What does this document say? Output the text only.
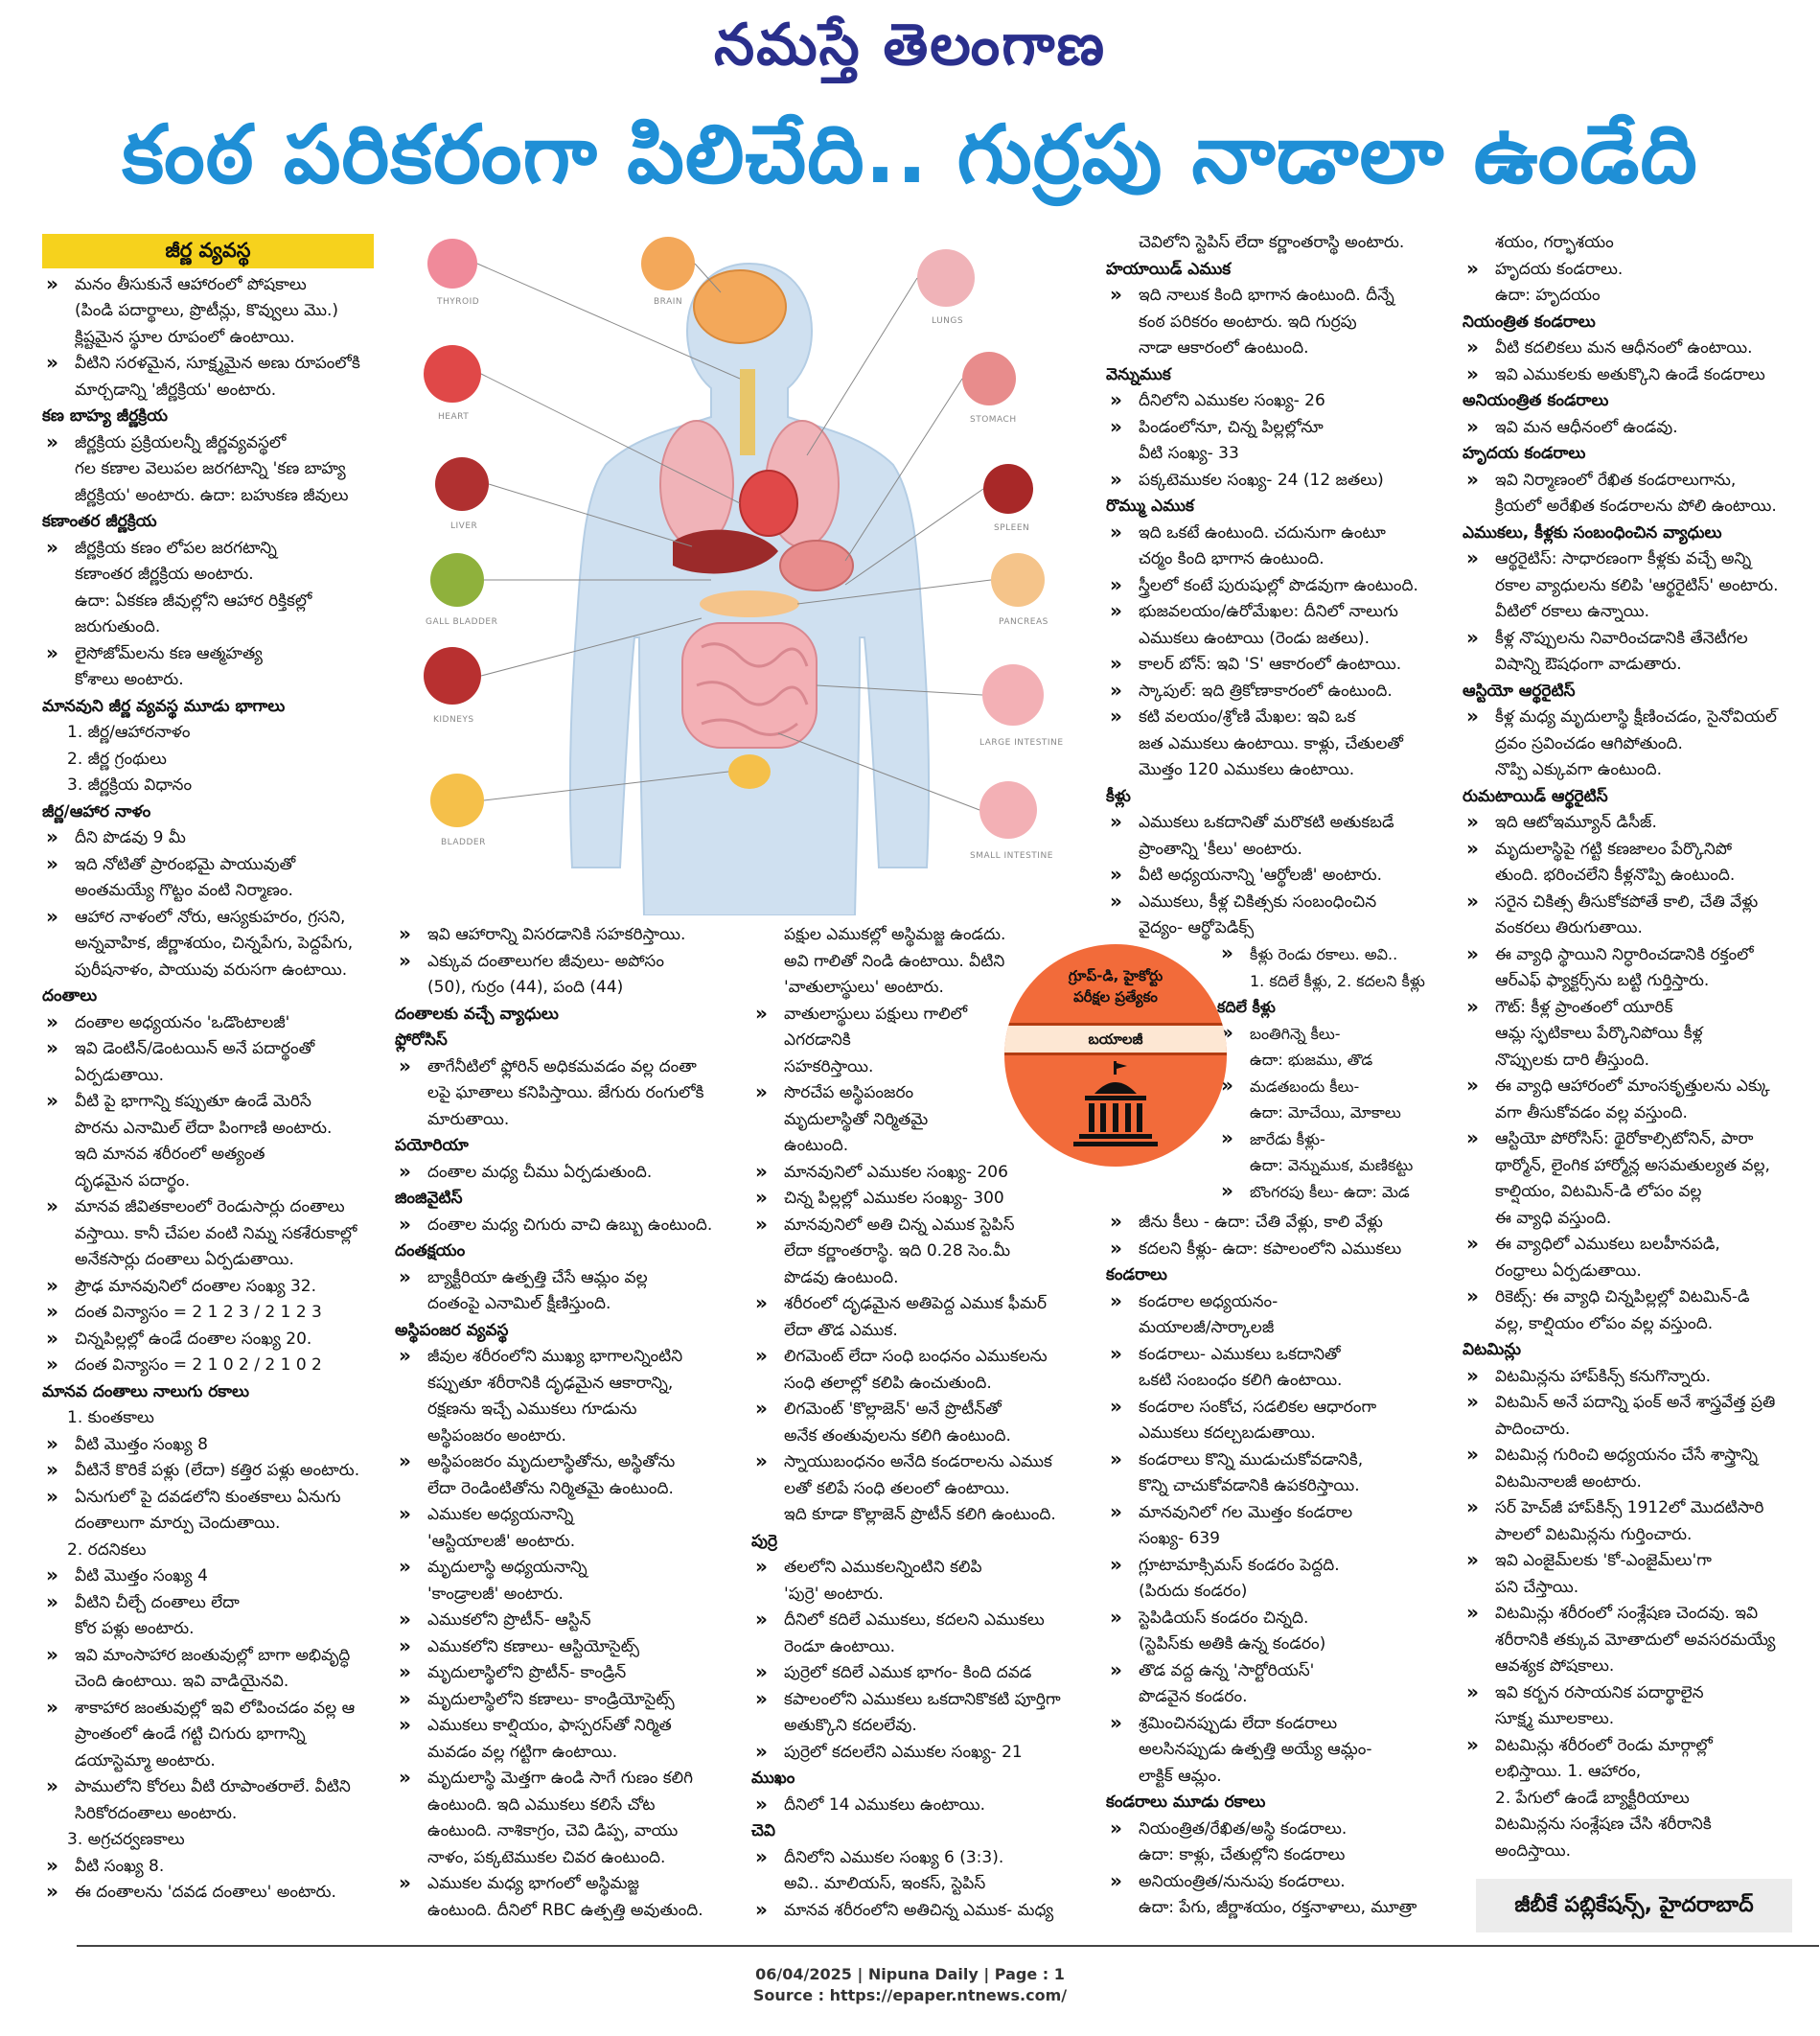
నమస్తే తెలంగాణ
కంఠ పరికరంగా పిలిచేది.. గుర్రపు నాడాలా ఉండేది
జీర్ణ వ్యవస్థ
» మనం తీసుకునే ఆహారంలో పోషకాలు
(పిండి పదార్థాలు, ప్రొటీన్లు, కొవ్వులు మొ.)
క్లిష్టమైన స్థూల రూపంలో ఉంటాయి.
» వీటిని సరళమైన, సూక్ష్మమైన అణు రూపంలోకి
మార్చడాన్ని 'జీర్ణక్రియ' అంటారు.
కణ బాహ్య జీర్ణక్రియ
» జీర్ణక్రియ ప్రక్రియలన్నీ జీర్ణవ్యవస్థలో
గల కణాల వెలుపల జరగటాన్ని 'కణ బాహ్య
జీర్ణక్రియ' అంటారు. ఉదా: బహుకణ జీవులు
కణాంతర జీర్ణక్రియ
» జీర్ణక్రియ కణం లోపల జరగటాన్ని
కణాంతర జీర్ణక్రియ అంటారు.
ఉదా: ఏకకణ జీవుల్లోని ఆహార రిక్తికల్లో
జరుగుతుంది.
» లైసోజోమ్‌లను కణ ఆత్మహత్య
కోశాలు అంటారు.
మానవుని జీర్ణ వ్యవస్థ మూడు భాగాలు
1. జీర్ణ/ఆహారనాళం
2. జీర్ణ గ్రంథులు
3. జీర్ణక్రియ విధానం
జీర్ణ/ఆహార నాళం
» దీని పొడవు 9 మీ
» ఇది నోటితో ప్రారంభమై పాయువుతో
అంతమయ్యే గొట్టం వంటి నిర్మాణం.
» ఆహార నాళంలో నోరు, ఆస్యకుహరం, గ్రసని,
అన్నవాహిక, జీర్ణాశయం, చిన్నపేగు, పెద్దపేగు,
పురీషనాళం, పాయువు వరుసగా ఉంటాయి.
దంతాలు
» దంతాల అధ్యయనం 'ఒడొంటాలజీ'
» ఇవి డెంటిన్/డెంటయిన్ అనే పదార్థంతో
ఏర్పడుతాయి.
» వీటి పై భాగాన్ని కప్పుతూ ఉండే మెరిసే
పొరను ఎనామిల్ లేదా పింగాణి అంటారు.
ఇది మానవ శరీరంలో అత్యంత
దృఢమైన పదార్థం.
» మానవ జీవితకాలంలో రెండుసార్లు దంతాలు
వస్తాయి. కానీ చేపల వంటి నిమ్న సకశేరుకాల్లో
అనేకసార్లు దంతాలు ఏర్పడుతాయి.
» ప్రౌఢ మానవునిలో దంతాల సంఖ్య 32.
» దంత విన్యాసం = 2 1 2 3 / 2 1 2 3
» చిన్నపిల్లల్లో ఉండే దంతాల సంఖ్య 20.
» దంత విన్యాసం = 2 1 0 2 / 2 1 0 2
మానవ దంతాలు నాలుగు రకాలు
1. కుంతకాలు
» వీటి మొత్తం సంఖ్య 8
» వీటినే కొరికే పళ్లు (లేదా) కత్తిర పళ్లు అంటారు.
» ఏనుగులో పై దవడలోని కుంతకాలు ఏనుగు
దంతాలుగా మార్పు చెందుతాయి.
2. రదనికలు
» వీటి మొత్తం సంఖ్య 4
» వీటిని చీల్చే దంతాలు లేదా
కోర పళ్లు అంటారు.
» ఇవి మాంసాహార జంతువుల్లో బాగా అభివృద్ధి
చెంది ఉంటాయి. ఇవి వాడియైనవి.
» శాకాహార జంతువుల్లో ఇవి లోపించడం వల్ల ఆ
ప్రాంతంలో ఉండే గట్టి చిగురు భాగాన్ని
డయాస్టెమ్మా అంటారు.
» పాములోని కోరలు వీటి రూపాంతరాలే. వీటిని
సిరికోరదంతాలు అంటారు.
3. అగ్రచర్వణకాలు
» వీటి సంఖ్య 8.
» ఈ దంతాలను 'దవడ దంతాలు' అంటారు.
THYROID	BRAIN
LUNGS
HEART	STOMACH
LIVER	SPLEEN
GALL BLADDER	PANCREAS
KIDNEYS
LARGE INTESTINE
BLADDER
SMALL INTESTINE
» ఇవి ఆహారాన్ని విసరడానికి సహకరిస్తాయి.
» ఎక్కువ దంతాలుగల జీవులు- అపోసం
(50), గుర్రం (44), పంది (44)
దంతాలకు వచ్చే వ్యాధులు
ఫ్లోరోసిస్
» తాగేనీటిలో ఫ్లోరిన్ అధికమవడం వల్ల దంతా
లపై ఘాతాలు కనిపిస్తాయి. జేగురు రంగులోకి
మారుతాయి.
పయోరియా
» దంతాల మధ్య చీము ఏర్పడుతుంది.
జింజివైటిస్
» దంతాల మధ్య చిగురు వాచి ఉబ్బు ఉంటుంది.
దంతక్షయం
» బ్యాక్టీరియా ఉత్పత్తి చేసే ఆమ్లం వల్ల
దంతంపై ఎనామిల్ క్షీణిస్తుంది.
అస్థిపంజర వ్యవస్థ
» జీవుల శరీరంలోని ముఖ్య భాగాలన్నింటిని
కప్పుతూ శరీరానికి దృఢమైన ఆకారాన్ని,
రక్షణను ఇచ్చే ఎముకలు గూడును
అస్థిపంజరం అంటారు.
» అస్థిపంజరం మృదులాస్థితోను, అస్థితోను
లేదా రెండింటితోను నిర్మితమై ఉంటుంది.
» ఎముకల అధ్యయనాన్ని
'ఆస్టియాలజీ' అంటారు.
» మృదులాస్థి అధ్యయనాన్ని
'కాండ్రాలజీ' అంటారు.
» ఎముకలోని ప్రొటీన్- ఆస్టిన్
» ఎముకలోని కణాలు- ఆస్టియోసైట్స్
» మృదులాస్థిలోని ప్రొటీన్- కాండ్రిన్
» మృదులాస్థిలోని కణాలు- కాండ్రియోసైట్స్
» ఎముకలు కాల్షియం, ఫాస్పరస్‌తో నిర్మిత
మవడం వల్ల గట్టిగా ఉంటాయి.
» మృదులాస్థి మెత్తగా ఉండి సాగే గుణం కలిగి
ఉంటుంది. ఇది ఎముకలు కలిసే చోట
ఉంటుంది. నాశికాగ్రం, చెవి డిప్ప, వాయు
నాళం, పక్కటెముకల చివర ఉంటుంది.
» ఎముకల మధ్య భాగంలో అస్థిమజ్జ
ఉంటుంది. దీనిలో RBC ఉత్పత్తి అవుతుంది.
పక్షుల ఎముకల్లో అస్థిమజ్జ ఉండదు.
అవి గాలితో నిండి ఉంటాయి. వీటిని
'వాతులాస్థులు' అంటారు.
» వాతులాస్థులు పక్షులు గాలిలో
ఎగరడానికి
సహకరిస్తాయి.
» సొరచేప అస్థిపంజరం
మృదులాస్థితో నిర్మితమై
ఉంటుంది.
» మానవునిలో ఎముకల సంఖ్య- 206
» చిన్న పిల్లల్లో ఎముకల సంఖ్య- 300
» మానవునిలో అతి చిన్న ఎముక స్టెపిస్
లేదా కర్ణాంతరాస్థి. ఇది 0.28 సెం.మీ
పొడవు ఉంటుంది.
» శరీరంలో దృఢమైన అతిపెద్ద ఎముక ఫీమర్
లేదా తొడ ఎముక.
» లిగమెంట్ లేదా సంధి బంధనం ఎముకలను
సంధి తలాల్లో కలిపి ఉంచుతుంది.
» లిగమెంట్ 'కొల్లాజెన్' అనే ప్రొటీన్‌తో
అనేక తంతువులను కలిగి ఉంటుంది.
» స్నాయుబంధనం అనేది కండరాలను ఎముక
లతో కలిపే సంధి తలంలో ఉంటాయి.
ఇది కూడా కొల్లాజెన్ ప్రొటీన్ కలిగి ఉంటుంది.
పుర్రె
» తలలోని ఎముకలన్నింటిని కలిపి
'పుర్రె' అంటారు.
» దీనిలో కదిలే ఎముకలు, కదలని ఎముకలు
రెండూ ఉంటాయి.
» పుర్రెలో కదిలే ఎముక భాగం- కింది దవడ
» కపాలంలోని ఎముకలు ఒకదానికొకటి పూర్తిగా
అతుక్కొని కదలలేవు.
» పుర్రెలో కదలలేని ఎముకల సంఖ్య- 21
ముఖం
» దీనిలో 14 ఎముకలు ఉంటాయి.
చెవి
» దీనిలోని ఎముకల సంఖ్య 6 (3:3).
అవి.. మాలియస్, ఇంకస్, స్టెపిస్
» మానవ శరీరంలోని అతిచిన్న ఎముక- మధ్య
చెవిలోని స్టెపిస్ లేదా కర్ణాంతరాస్థి అంటారు.
హయాయిడ్ ఎముక
» ఇది నాలుక కింది భాగాన ఉంటుంది. దీన్నే
కంఠ పరికరం అంటారు. ఇది గుర్రపు
నాడా ఆకారంలో ఉంటుంది.
వెన్నుముక
» దీనిలోని ఎముకల సంఖ్య- 26
» పిండంలోనూ, చిన్న పిల్లల్లోనూ
వీటి సంఖ్య- 33
» పక్కటెముకల సంఖ్య- 24 (12 జతలు)
రొమ్ము ఎముక
» ఇది ఒకటే ఉంటుంది. చదునుగా ఉంటూ
చర్మం కింది భాగాన ఉంటుంది.
» స్త్రీలలో కంటే పురుషుల్లో పొడవుగా ఉంటుంది.
» భుజవలయం/ఉరోమేఖల: దీనిలో నాలుగు
ఎముకలు ఉంటాయి (రెండు జతలు).
» కాలర్ బోన్: ఇవి 'S' ఆకారంలో ఉంటాయి.
» స్కాపుల్: ఇది త్రికోణాకారంలో ఉంటుంది.
» కటి వలయం/శ్రోణి మేఖల: ఇవి ఒక
జత ఎముకలు ఉంటాయి. కాళ్లు, చేతులతో
మొత్తం 120 ఎముకలు ఉంటాయి.
కీళ్లు
» ఎముకలు ఒకదానితో మరొకటి అతుకబడే
ప్రాంతాన్ని 'కీలు' అంటారు.
» వీటి అధ్యయనాన్ని 'ఆర్థోలజీ' అంటారు.
» ఎముకలు, కీళ్ల చికిత్సకు సంబంధించిన
వైద్యం- ఆర్థోపెడిక్స్
» కీళ్లు రెండు రకాలు. అవి..
1. కదిలే కీళ్లు, 2. కదలని కీళ్లు
కదిలే కీళ్లు
» బంతిగిన్నె కీలు-
ఉదా: భుజము, తొడ
» మడతబందు కీలు-
ఉదా: మోచేయి, మోకాలు
» జారేడు కీళ్లు-
ఉదా: వెన్నుముక, మణికట్టు
» బొంగరపు కీలు- ఉదా: మెడ
» జీను కీలు - ఉదా: చేతి వేళ్లు, కాలి వేళ్లు
» కదలని కీళ్లు- ఉదా: కపాలంలోని ఎముకలు
కండరాలు
» కండరాల అధ్యయనం-
మయాలజీ/సార్కాలజీ
» కండరాలు- ఎముకలు ఒకదానితో
ఒకటి సంబంధం కలిగి ఉంటాయి.
» కండరాల సంకోచ, సడలికల ఆధారంగా
ఎముకలు కదల్చబడుతాయి.
» కండరాలు కొన్ని ముడుచుకోవడానికి,
కొన్ని చాచుకోవడానికి ఉపకరిస్తాయి.
» మానవునిలో గల మొత్తం కండరాల
సంఖ్య- 639
» గ్లూటామాక్సిమస్ కండరం పెద్దది.
(పిరుదు కండరం)
» స్టెపిడియస్ కండరం చిన్నది.
(స్టెపిస్‌కు అతికి ఉన్న కండరం)
» తొడ వద్ద ఉన్న 'సార్టోరియస్'
పొడవైన కండరం.
» శ్రమించినప్పుడు లేదా కండరాలు
అలసినప్పుడు ఉత్పత్తి అయ్యే ఆమ్లం-
లాక్టిక్ ఆమ్లం.
కండరాలు మూడు రకాలు
» నియంత్రిత/రేఖిత/అస్థి కండరాలు.
ఉదా: కాళ్లు, చేతుల్లోని కండరాలు
» అనియంత్రిత/నునుపు కండరాలు.
ఉదా: పేగు, జీర్ణాశయం, రక్తనాళాలు, మూత్రా
శయం, గర్భాశయం
» హృదయ కండరాలు.
ఉదా: హృదయం
నియంత్రిత కండరాలు
» వీటి కదలికలు మన ఆధీనంలో ఉంటాయి.
» ఇవి ఎముకలకు అతుక్కొని ఉండే కండరాలు
అనియంత్రిత కండరాలు
» ఇవి మన ఆధీనంలో ఉండవు.
హృదయ కండరాలు
» ఇవి నిర్మాణంలో రేఖిత కండరాలుగాను,
క్రియలో అరేఖిత కండరాలను పోలి ఉంటాయి.
ఎముకలు, కీళ్లకు సంబంధించిన వ్యాధులు
» ఆర్థరైటిస్: సాధారణంగా కీళ్లకు వచ్చే అన్ని
రకాల వ్యాధులను కలిపి 'ఆర్థరైటిస్' అంటారు.
వీటిలో రకాలు ఉన్నాయి.
» కీళ్ల నొప్పులను నివారించడానికి తేనెటీగల
విషాన్ని ఔషధంగా వాడుతారు.
ఆస్టియో ఆర్థరైటిస్
» కీళ్ల మధ్య మృదులాస్థి క్షీణించడం, సైనోవియల్
ద్రవం స్రవించడం ఆగిపోతుంది.
నొప్పి ఎక్కువగా ఉంటుంది.
రుమటాయిడ్ ఆర్థరైటిస్
» ఇది ఆటోఇమ్యూన్ డిసీజ్.
» మృదులాస్థిపై గట్టి కణజాలం పేర్కొనిపో
తుంది. భరించలేని కీళ్లనొప్పి ఉంటుంది.
» సరైన చికిత్స తీసుకోకపోతే కాలి, చేతి వేళ్లు
వంకరలు తిరుగుతాయి.
» ఈ వ్యాధి స్థాయిని నిర్ధారించడానికి రక్తంలో
ఆర్‌ఎఫ్ ఫ్యాక్టర్స్‌ను బట్టి గుర్తిస్తారు.
» గౌట్: కీళ్ల ప్రాంతంలో యూరిక్
ఆమ్ల స్ఫటికాలు పేర్కొనిపోయి కీళ్ల
నొప్పులకు దారి తీస్తుంది.
» ఈ వ్యాధి ఆహారంలో మాంసకృత్తులను ఎక్కు
వగా తీసుకోవడం వల్ల వస్తుంది.
» ఆస్టియో పోరోసిస్: థైరోకాల్సిటోనిన్, పారా
థార్మోన్, లైంగిక హార్మోన్ల అసమతుల్యత వల్ల,
కాల్షియం, విటమిన్-డి లోపం వల్ల
ఈ వ్యాధి వస్తుంది.
» ఈ వ్యాధిలో ఎముకలు బలహీనపడి,
రంధ్రాలు ఏర్పడుతాయి.
» రికెట్స్: ఈ వ్యాధి చిన్నపిల్లల్లో విటమిన్-డి
వల్ల, కాల్షియం లోపం వల్ల వస్తుంది.
విటమిన్లు
» విటమిన్లను హాప్‌కిన్స్ కనుగొన్నారు.
» విటమిన్ అనే పదాన్ని ఫంక్ అనే శాస్త్రవేత్త ప్రతి
పాదించారు.
» విటమిన్ల గురించి అధ్యయనం చేసే శాస్త్రాన్ని
విటమినాలజీ అంటారు.
» సర్ హెచ్‌జీ హాప్‌కిన్స్ 1912లో మొదటిసారి
పాలలో విటమిన్లను గుర్తించారు.
» ఇవి ఎంజైమ్‌లకు 'కో-ఎంజైమ్‌లు'గా
పని చేస్తాయి.
» విటమిన్లు శరీరంలో సంశ్లేషణ చెందవు. ఇవి
శరీరానికి తక్కువ మోతాదులో అవసరమయ్యే
ఆవశ్యక పోషకాలు.
» ఇవి కర్బన రసాయనిక పదార్థాలైన
సూక్ష్మ మూలకాలు.
» విటమిన్లు శరీరంలో రెండు మార్గాల్లో
లభిస్తాయి. 1. ఆహారం,
2. పేగులో ఉండే బ్యాక్టీరియాలు
విటమిన్లను సంశ్లేషణ చేసి శరీరానికి
అందిస్తాయి.
గ్రూప్-డి, హైకోర్టు
పరీక్షల ప్రత్యేకం
బయాలజీ
జీబీకే పబ్లికేషన్స్, హైదరాబాద్
06/04/2025 | Nipuna Daily | Page : 1
Source : https://epaper.ntnews.com/
